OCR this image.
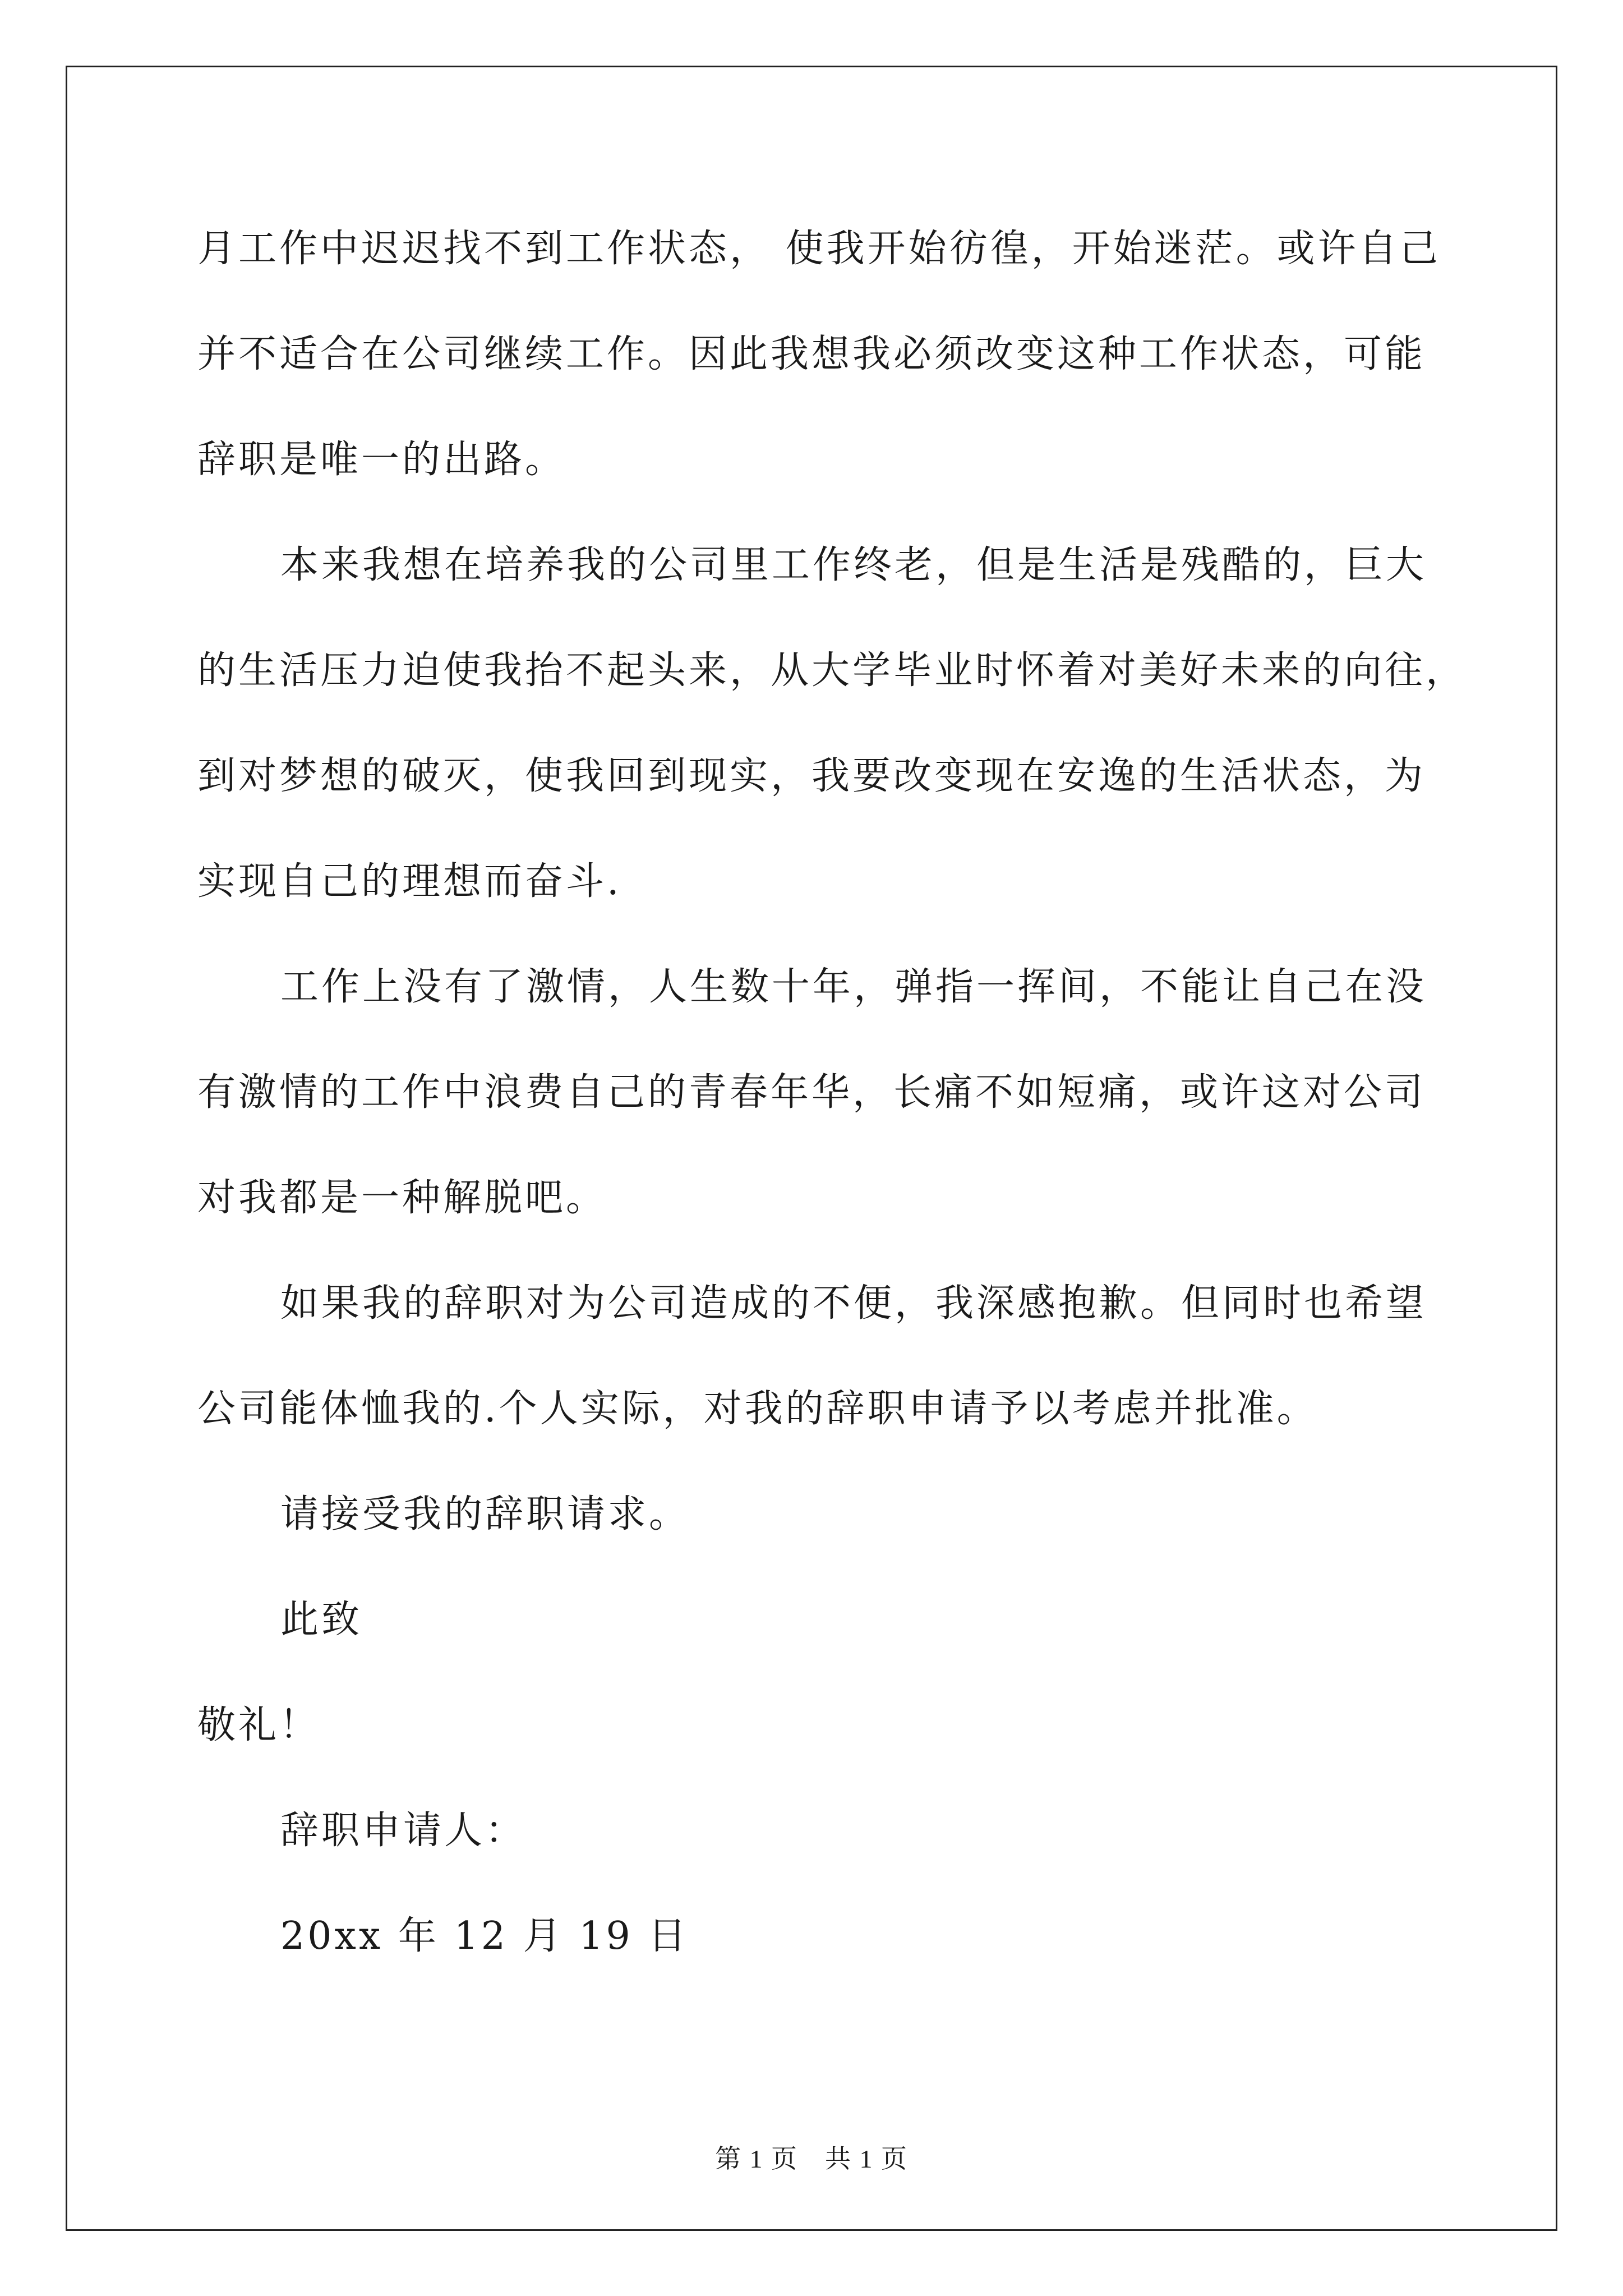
月工作中迟迟找不到工作状态， 使我开始彷徨，开始迷茫。或许自己
并不适合在公司继续工作。因此我想我必须改变这种工作状态，可能
辞职是唯一的出路。
本来我想在培养我的公司里工作终老，但是生活是残酷的，巨大
的生活压力迫使我抬不起头来，从大学毕业时怀着对美好未来的向往，
到对梦想的破灭，使我回到现实，我要改变现在安逸的生活状态，为
实现自己的理想而奋斗.
工作上没有了激情，人生数十年，弹指一挥间，不能让自己在没
有激情的工作中浪费自己的青春年华，长痛不如短痛，或许这对公司
对我都是一种解脱吧。
如果我的辞职对为公司造成的不便，我深感抱歉。但同时也希望
公司能体恤我的.个人实际，对我的辞职申请予以考虑并批准。
请接受我的辞职请求。
此致
敬礼！
辞职申请人：
20xx 年 12 月 19 日
第 1 页　共 1 页
